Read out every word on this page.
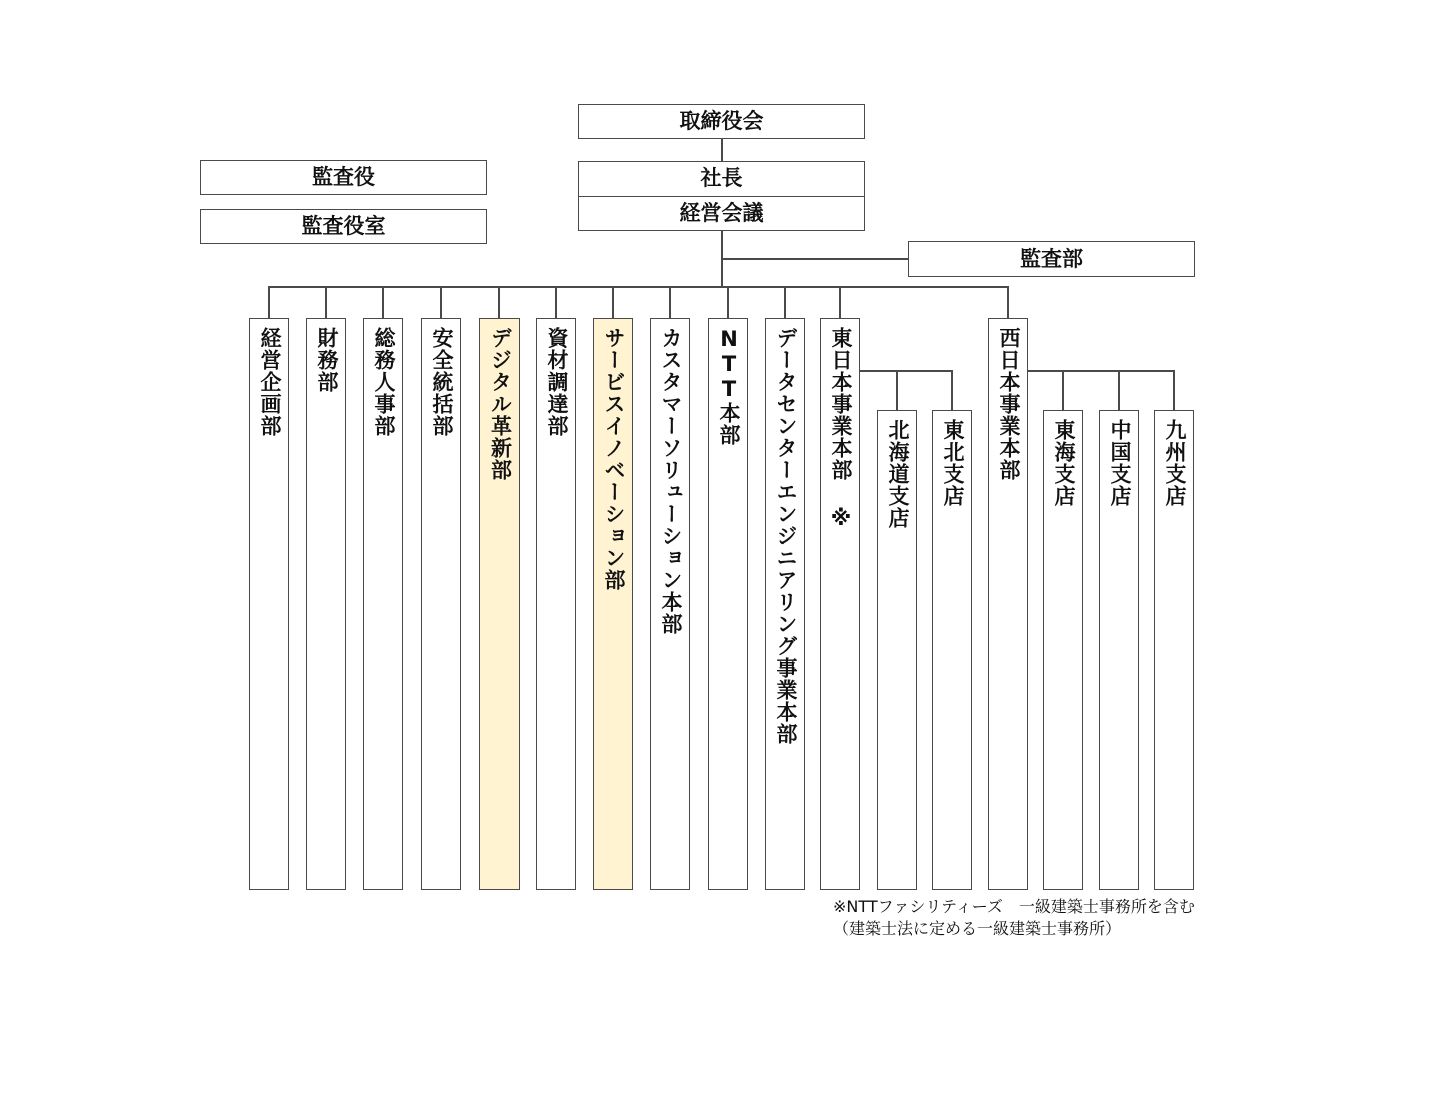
取締役会
社長
経営会議
監査役
監査役室
監査部
経営企画部 財務部 総務人事部 安全統括部 デジタル革新部 資材調達部 サービスイノベーション部 カスタマーソリューション本部 NTT本部 データセンターエンジニアリング事業本部 東日本事業本部 ※ 北海道支店 東北支店 西日本事業本部 東海支店 中国支店 九州支店
※NTTファシリティーズ　一級建築士事務所を含む
（建築士法に定める一級建築士事務所）
